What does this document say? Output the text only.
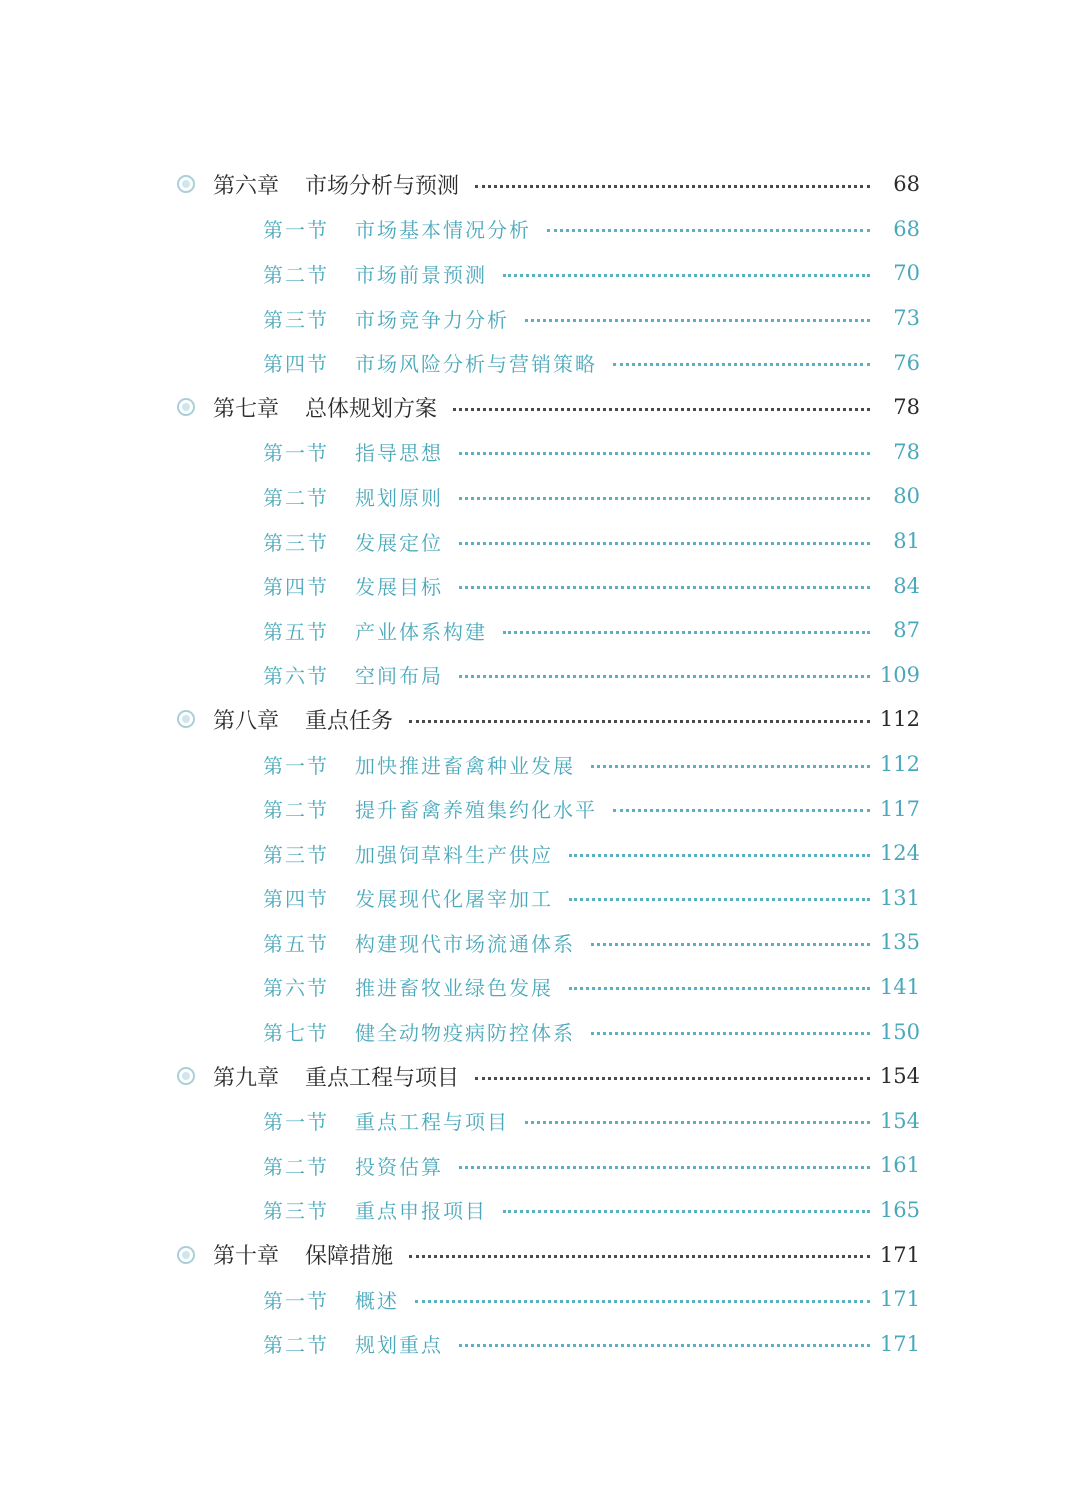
第六章 市场分析与预测	68
第一节 市场基本情况分析	68
第二节 市场前景预测	70
第三节 市场竞争力分析	73
第四节 市场风险分析与营销策略	76
第七章 总体规划方案	78
第一节 指导思想	78
第二节 规划原则	80
第三节 发展定位	81
第四节 发展目标	84
第五节 产业体系构建	87
第六节 空间布局	109
第八章 重点任务	112
第一节 加快推进畜禽种业发展	112
第二节 提升畜禽养殖集约化水平	117
第三节 加强饲草料生产供应	124
第四节 发展现代化屠宰加工	131
第五节 构建现代市场流通体系	135
第六节 推进畜牧业绿色发展	141
第七节 健全动物疫病防控体系	150
第九章 重点工程与项目	154
第一节 重点工程与项目	154
第二节 投资估算	161
第三节 重点申报项目	165
第十章 保障措施	171
第一节 概述	171
第二节 规划重点	171
